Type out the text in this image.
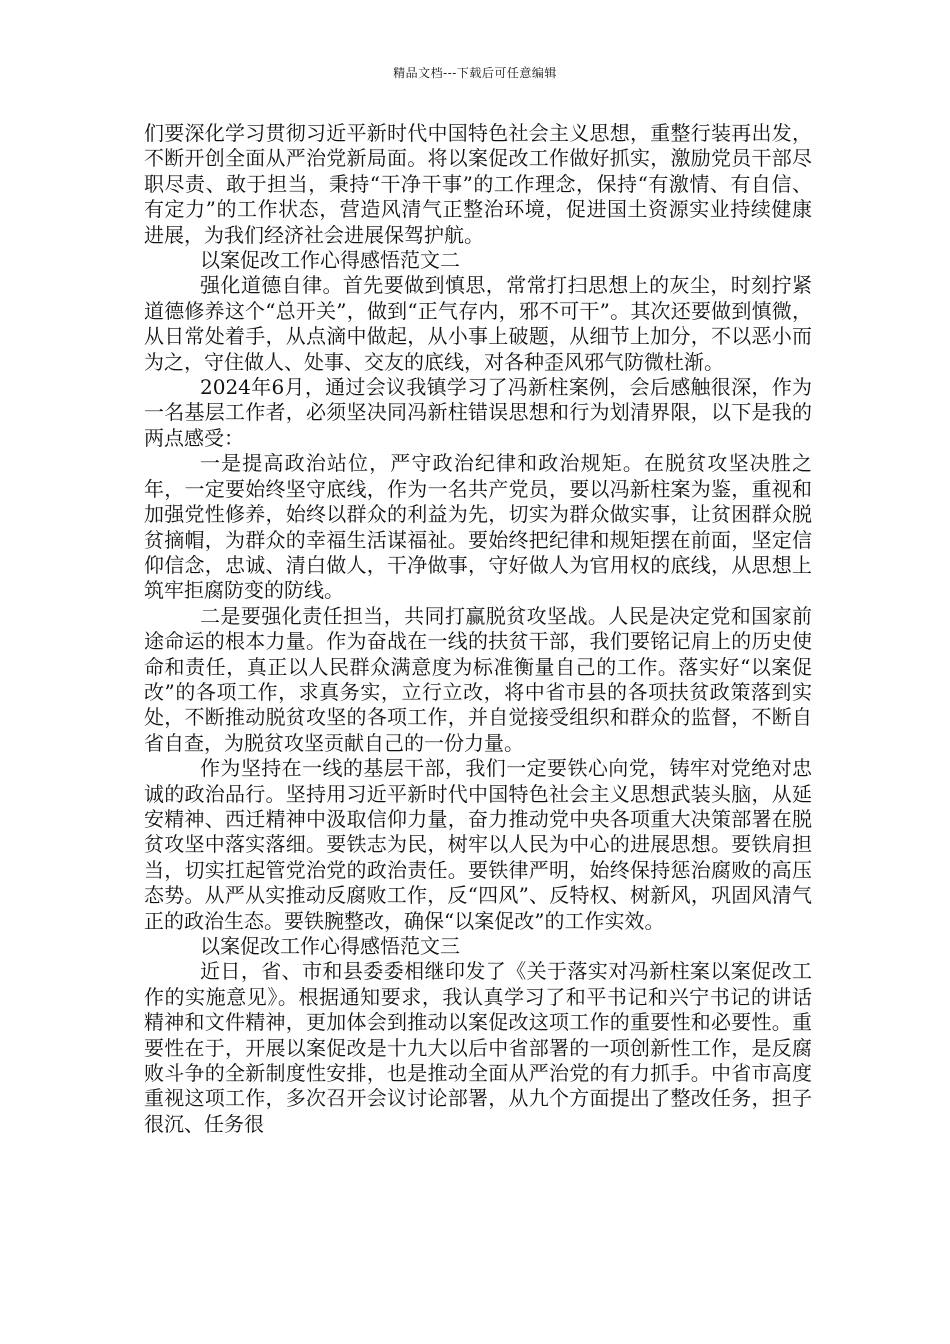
精品文档---下载后可任意编辑

们要深化学习贯彻习近平新时代中国特色社会主义思想，重整行装再出发，不断开创全面从严治党新局面。将以案促改工作做好抓实，激励党员干部尽职尽责、敢于担当，秉持“干净干事”的工作理念，保持“有激情、有自信、有定力”的工作状态，营造风清气正整治环境，促进国土资源实业持续健康进展，为我们经济社会进展保驾护航。

以案促改工作心得感悟范文二

强化道德自律。首先要做到慎思，常常打扫思想上的灰尘，时刻拧紧道德修养这个“总开关”，做到“正气存内，邪不可干”。其次还要做到慎微，从日常处着手，从点滴中做起，从小事上破题，从细节上加分，不以恶小而为之，守住做人、处事、交友的底线，对各种歪风邪气防微杜渐。

2024年6月，通过会议我镇学习了冯新柱案例，会后感触很深，作为一名基层工作者，必须坚决同冯新柱错误思想和行为划清界限，以下是我的两点感受：

一是提高政治站位，严守政治纪律和政治规矩。在脱贫攻坚决胜之年，一定要始终坚守底线，作为一名共产党员，要以冯新柱案为鉴，重视和加强党性修养，始终以群众的利益为先，切实为群众做实事，让贫困群众脱贫摘帽，为群众的幸福生活谋福祉。要始终把纪律和规矩摆在前面，坚定信仰信念，忠诚、清白做人，干净做事，守好做人为官用权的底线，从思想上筑牢拒腐防变的防线。

二是要强化责任担当，共同打赢脱贫攻坚战。人民是决定党和国家前途命运的根本力量。作为奋战在一线的扶贫干部，我们要铭记肩上的历史使命和责任，真正以人民群众满意度为标准衡量自己的工作。落实好“以案促改”的各项工作，求真务实，立行立改，将中省市县的各项扶贫政策落到实处，不断推动脱贫攻坚的各项工作，并自觉接受组织和群众的监督，不断自省自查，为脱贫攻坚贡献自己的一份力量。

作为坚持在一线的基层干部，我们一定要铁心向党，铸牢对党绝对忠诚的政治品行。坚持用习近平新时代中国特色社会主义思想武装头脑，从延安精神、西迁精神中汲取信仰力量，奋力推动党中央各项重大决策部署在脱贫攻坚中落实落细。要铁志为民，树牢以人民为中心的进展思想。要铁肩担当，切实扛起管党治党的政治责任。要铁律严明，始终保持惩治腐败的高压态势。从严从实推动反腐败工作，反“四风”、反特权、树新风，巩固风清气正的政治生态。要铁腕整改，确保“以案促改”的工作实效。

以案促改工作心得感悟范文三

近日，省、市和县委委相继印发了《关于落实对冯新柱案以案促改工作的实施意见》。根据通知要求，我认真学习了和平书记和兴宁书记的讲话精神和文件精神，更加体会到推动以案促改这项工作的重要性和必要性。重要性在于，开展以案促改是十九大以后中省部署的一项创新性工作，是反腐败斗争的全新制度性安排，也是推动全面从严治党的有力抓手。中省市高度重视这项工作，多次召开会议讨论部署，从九个方面提出了整改任务，担子很沉、任务很
